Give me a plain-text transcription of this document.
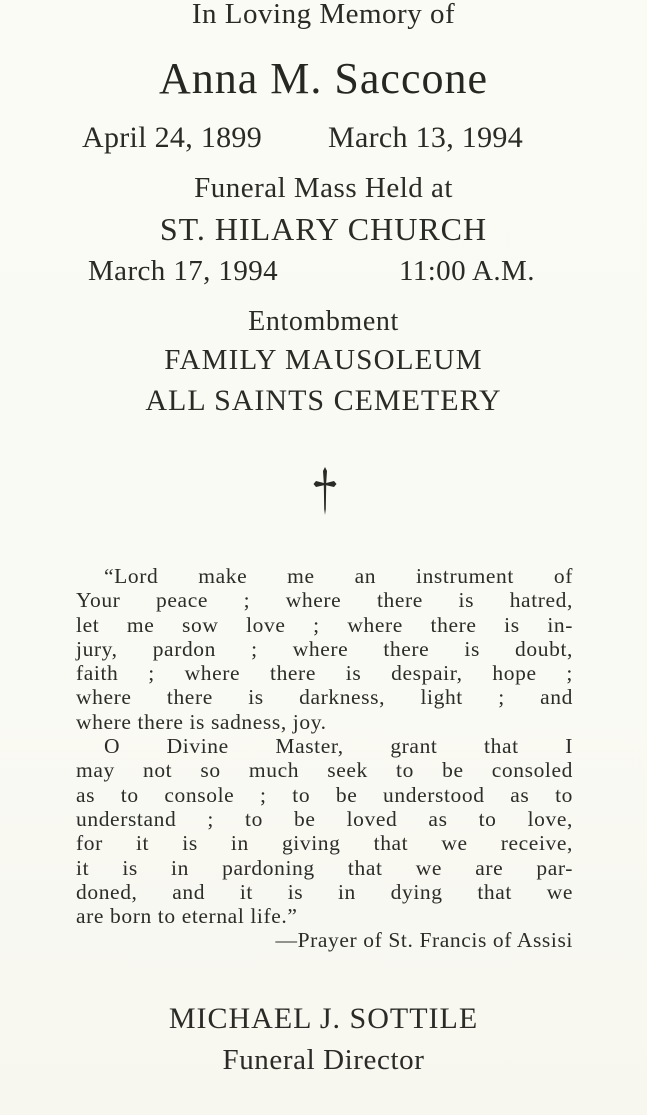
In Loving Memory of
Anna M. Saccone
April 24, 1899 March 13, 1994
Funeral Mass Held at
ST. HILARY CHURCH
March 17, 1994	11:00 A.M.
Entombment
FAMILY MAUSOLEUM
ALL SAINTS CEMETERY
“Lord make me an instrument of
Your peace ; where there is hatred,
let me sow love ; where there is in-
jury, pardon ; where there is doubt,
faith ; where there is despair, hope ;
where there is darkness, light ; and
where there is sadness, joy.
O Divine Master, grant that I
may not so much seek to be consoled
as to console ; to be understood as to
understand ; to be loved as to love,
for it is in giving that we receive,
it is in pardoning that we are par-
doned, and it is in dying that we
are born to eternal life.”
—Prayer of St. Francis of Assisi
MICHAEL J. SOTTILE
Funeral Director
